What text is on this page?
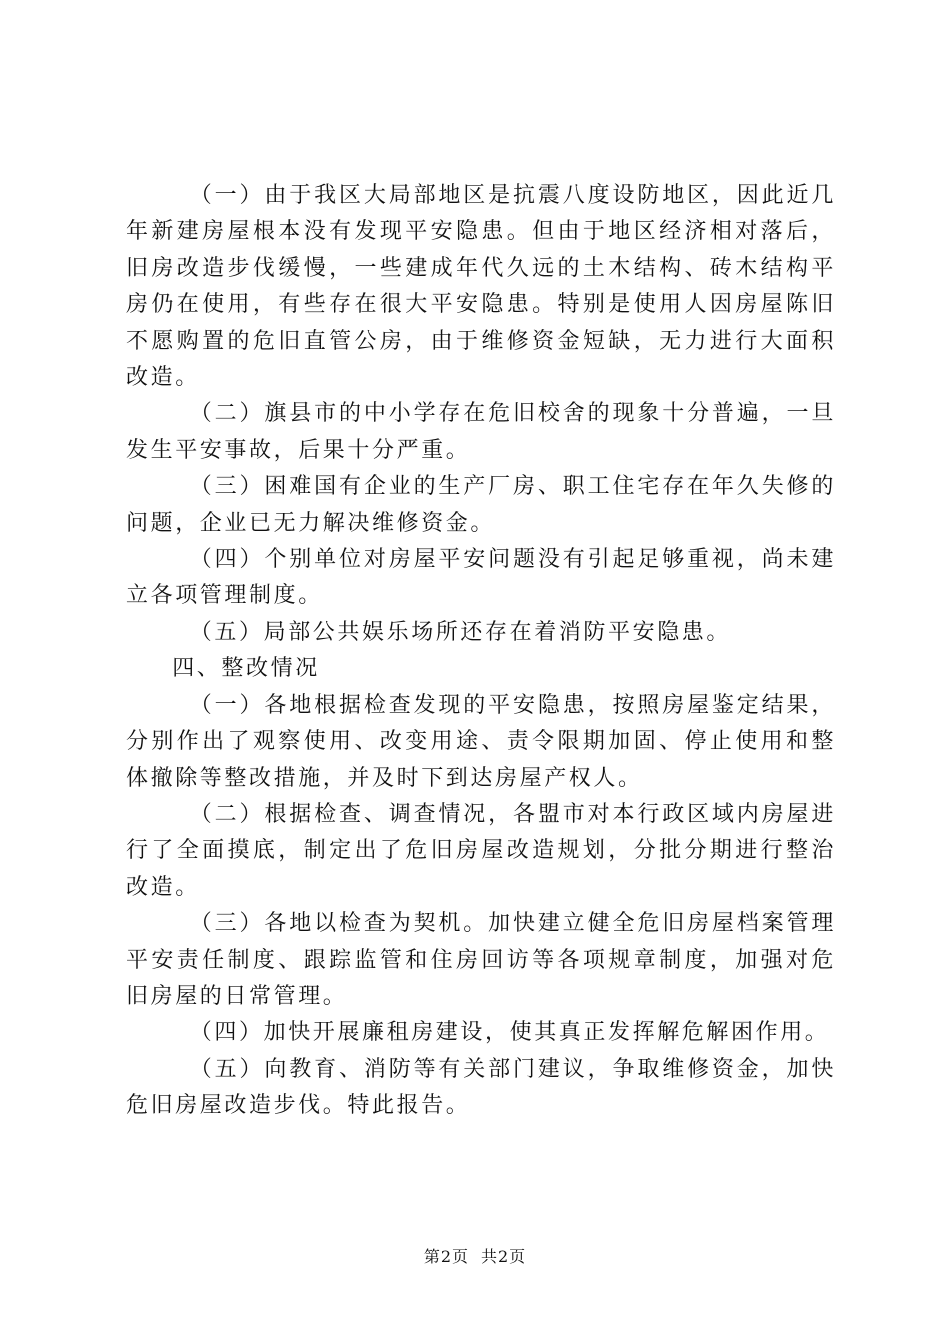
（一）由于我区大局部地区是抗震八度设防地区，因此近几年新建房屋根本没有发现平安隐患。但由于地区经济相对落后，旧房改造步伐缓慢，一些建成年代久远的土木结构、砖木结构平房仍在使用，有些存在很大平安隐患。特别是使用人因房屋陈旧不愿购置的危旧直管公房，由于维修资金短缺，无力进行大面积改造。

（二）旗县市的中小学存在危旧校舍的现象十分普遍，一旦发生平安事故，后果十分严重。

（三）困难国有企业的生产厂房、职工住宅存在年久失修的问题，企业已无力解决维修资金。

（四）个别单位对房屋平安问题没有引起足够重视，尚未建立各项管理制度。

（五）局部公共娱乐场所还存在着消防平安隐患。

四、整改情况

（一）各地根据检查发现的平安隐患，按照房屋鉴定结果，分别作出了观察使用、改变用途、责令限期加固、停止使用和整体撤除等整改措施，并及时下到达房屋产权人。

（二）根据检查、调查情况，各盟市对本行政区域内房屋进行了全面摸底，制定出了危旧房屋改造规划，分批分期进行整治改造。

（三）各地以检查为契机。加快建立健全危旧房屋档案管理平安责任制度、跟踪监管和住房回访等各项规章制度，加强对危旧房屋的日常管理。

（四）加快开展廉租房建设，使其真正发挥解危解困作用。

（五）向教育、消防等有关部门建议，争取维修资金，加快危旧房屋改造步伐。特此报告。

第2页 共2页
